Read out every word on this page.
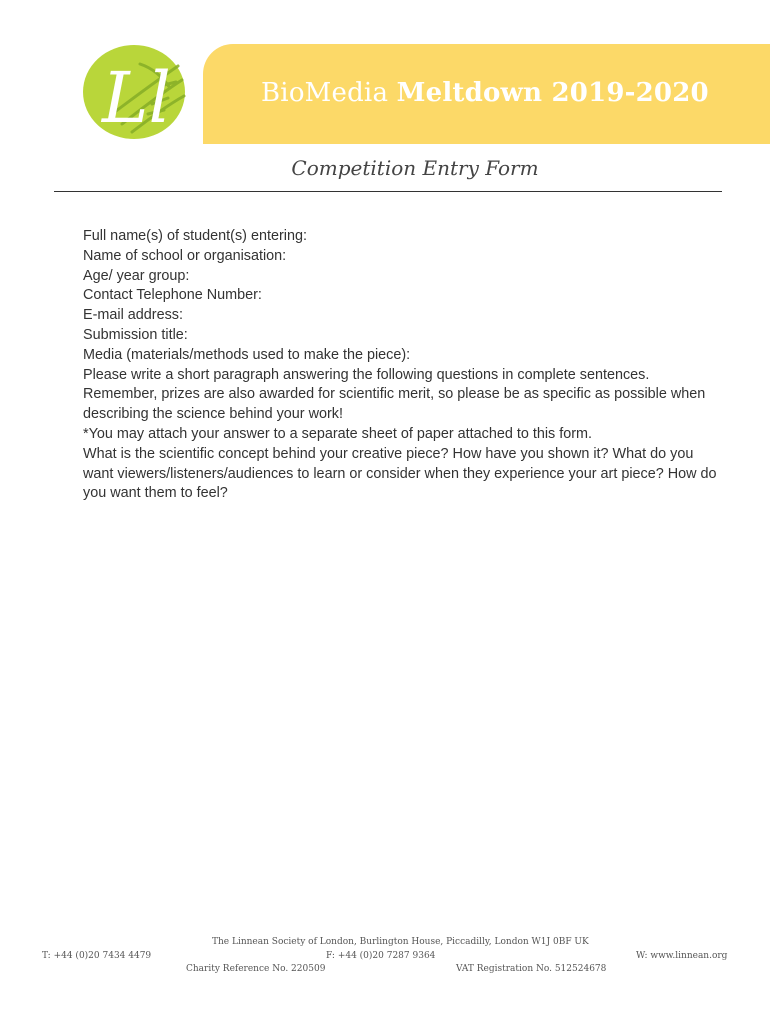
Ll	BioMedia Meltdown 2019-2020
Competition Entry Form
Full name(s) of student(s) entering:
Name of school or organisation:
Age/ year group:
Contact Telephone Number:
E-mail address:
Submission title:
Media (materials/methods used to make the piece):
Please write a short paragraph answering the following questions in complete sentences.
Remember, prizes are also awarded for scientific merit, so please be as specific as possible when
describing the science behind your work!
*You may attach your answer to a separate sheet of paper attached to this form.
What is the scientific concept behind your creative piece? How have you shown it? What do you
want viewers/listeners/audiences to learn or consider when they experience your art piece? How do
you want them to feel?
The Linnean Society of London, Burlington House, Piccadilly, London W1J 0BF UK
T: +44 (0)20 7434 4479	F: +44 (0)20 7287 9364	W: www.linnean.org
Charity Reference No. 220509	VAT Registration No. 512524678
